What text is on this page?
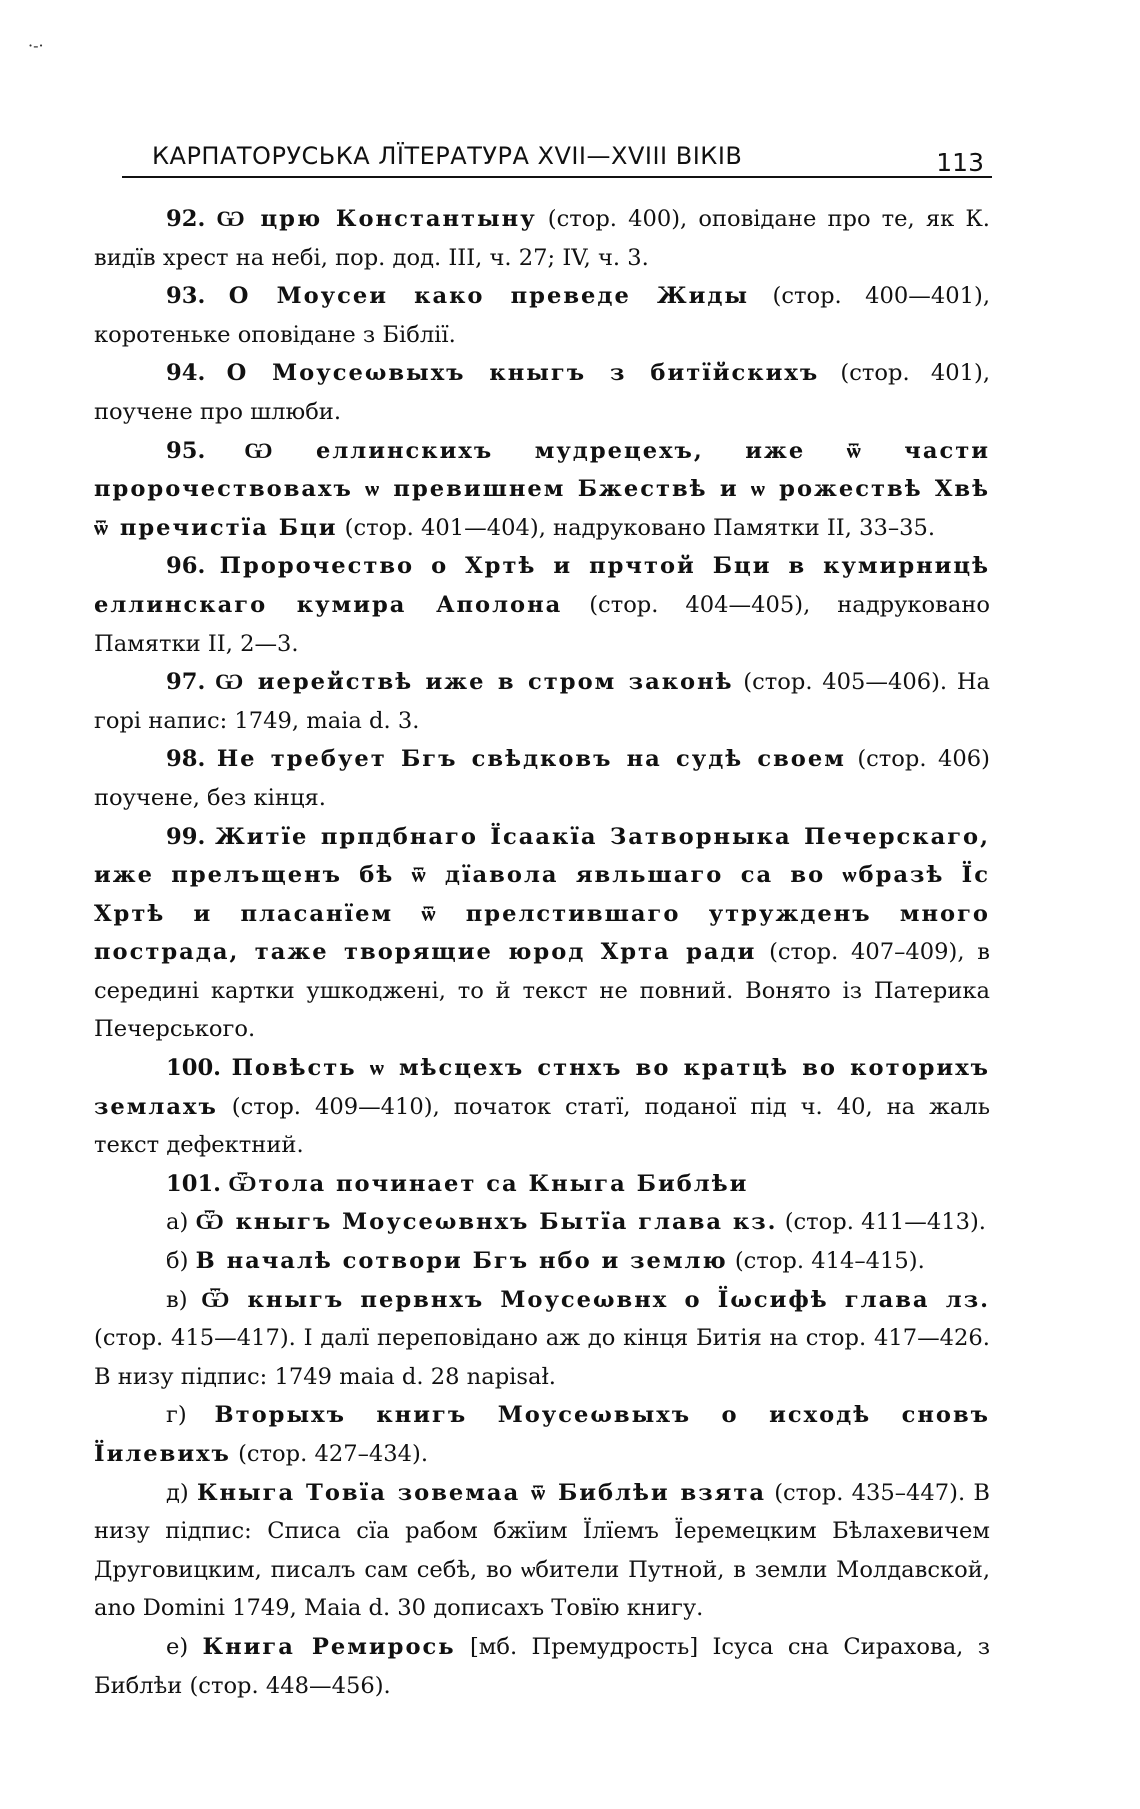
·-·
КАРПАТОРУСЬКА ЛЇТЕРАТУРА XVII—XVIII ВІКІВ	113

92. Ѡ црю Константыну (стор. 400), оповідане про те, як К. видїв хрест на небі, пор. дод. III, ч. 27; IV, ч. 3.

93. О Моусеи како преведе Жиды (стор. 400—401), коротеньке оповідане з Біблії.

94. О Моусеωвыхъ кныгъ з битїйскихъ (стор. 401), поучене про шлюби.

95. Ѡ еллинскихъ мудрецехъ, иже ѿ части пророчествовахъ ѡ превишнем Бжествѣ и ѡ рожествѣ Хвѣ ѿ пречистїа Бци (стор. 401—404), надруковано Памятки II, 33–35.

96. Пророчество о Хртѣ и прчтой Бци в кумирницѣ еллинскаго кумира Аполона (стор. 404—405), надруковано Памятки II, 2—3.

97. Ѡ иерействѣ иже в стром законѣ (стор. 405—406). На горі напис: 1749, maia d. 3.

98. Не требует Бгъ свѣдковъ на судѣ своем (стор. 406) поучене, без кінця.

99. Житїе прпдбнаго Їсаакїа Затворныка Печерскаго, иже прелъщенъ бѣ ѿ дїавола явльшаго са во ѡбразѣ Їс Хртѣ и пласанїем ѿ прелстившаго утружденъ много пострада, таже творящие юрод Хрта ради (стор. 407–409), в середині картки ушкоджені, то й текст не повний. Вонято із Патерика Печерського.

100. Повѣсть ѡ мѣсцехъ стнхъ во кратцѣ во которихъ землахъ (стор. 409—410), початок статї, поданої під ч. 40, на жаль текст дефектний.

101. Ѿтола починает са Кныга Библѣи

а) Ѿ кныгъ Моусеωвнхъ Бытїа глава кз. (стор. 411—413).

б) В началѣ сотвори Бгъ нбо и землю (стор. 414–415).

в) Ѿ кныгъ первнхъ Моусеωвнх о Їωсифѣ глава лз. (стор. 415—417). І далї переповідано аж до кінця Битія на стор. 417—426. В низу підпис: 1749 maia d. 28 napisał.

г) Вторыхъ книгъ Моусеωвыхъ о исходѣ сновъ Їилевихъ (стор. 427–434).

д) Кныга Товїа зовемаа ѿ Библѣи взята (стор. 435–447). В низу підпис: Списа сїа рабом бжїим Їлїемъ Їеремецким Бѣлахевичем Друговицким, писалъ сам себѣ, во ѡбители Путной, в земли Молдавской, ano Domini 1749, Maia d. 30 дописахъ Товїю книгу.

е) Книга Ремирось [мб. Премудрость] Ісуса сна Сирахова, з Библѣи (стор. 448—456).
